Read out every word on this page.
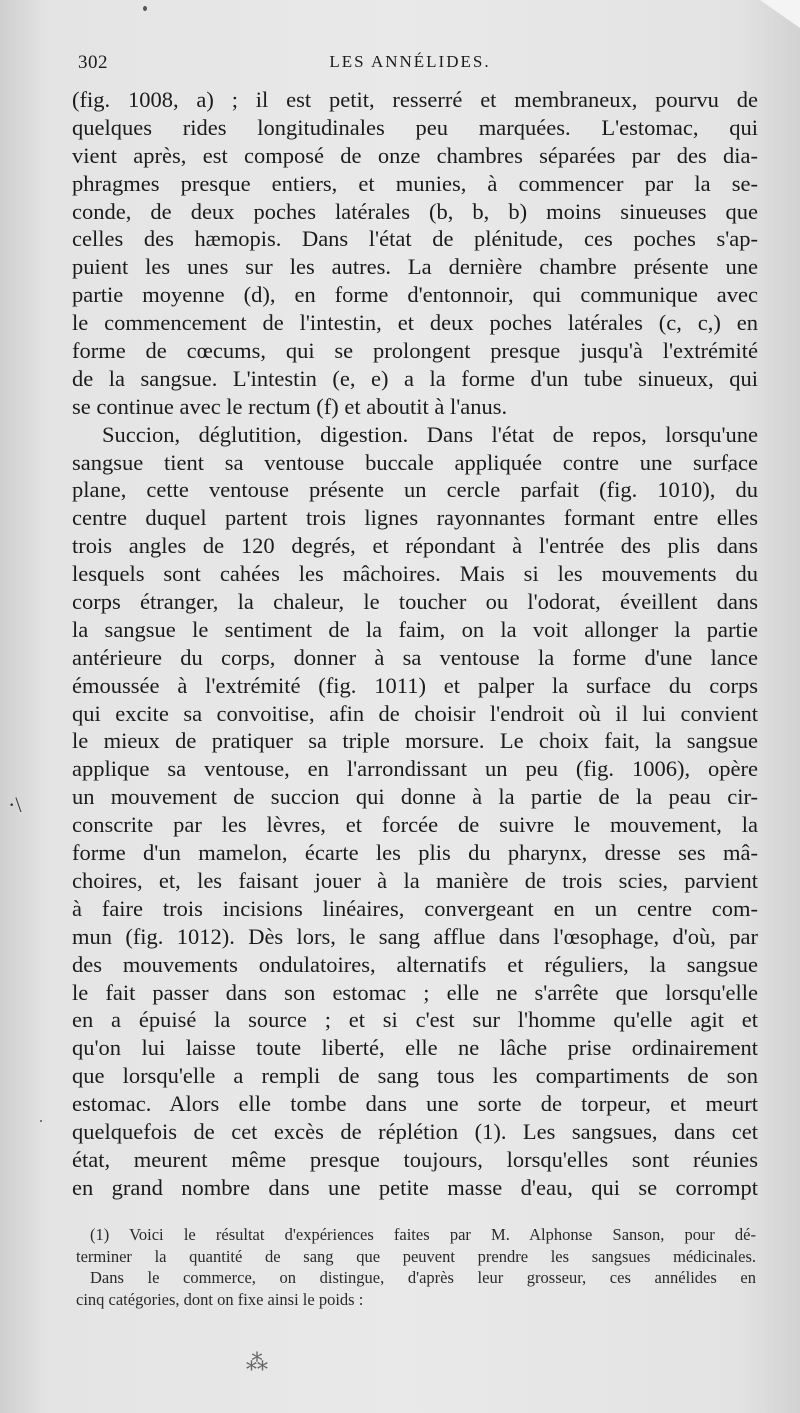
302	LES ANNÉLIDES.
·\
(fig. 1008, a) ; il est petit, resserré et membraneux, pourvu de
quelques rides longitudinales peu marquées. L'estomac, qui
vient après, est composé de onze chambres séparées par des dia-
phragmes presque entiers, et munies, à commencer par la se-
conde, de deux poches latérales (b, b, b) moins sinueuses que
celles des hæmopis. Dans l'état de plénitude, ces poches s'ap-
puient les unes sur les autres. La dernière chambre présente une
partie moyenne (d), en forme d'entonnoir, qui communique avec
le commencement de l'intestin, et deux poches latérales (c, c,) en
forme de cœcums, qui se prolongent presque jusqu'à l'extrémité
de la sangsue. L'intestin (e, e) a la forme d'un tube sinueux, qui
se continue avec le rectum (f) et aboutit à l'anus.
Succion, déglutition, digestion. Dans l'état de repos, lorsqu'une
sangsue tient sa ventouse buccale appliquée contre une surface
plane, cette ventouse présente un cercle parfait (fig. 1010), du
centre duquel partent trois lignes rayonnantes formant entre elles
trois angles de 120 degrés, et répondant à l'entrée des plis dans
lesquels sont cahées les mâchoires. Mais si les mouvements du
corps étranger, la chaleur, le toucher ou l'odorat, éveillent dans
la sangsue le sentiment de la faim, on la voit allonger la partie
antérieure du corps, donner à sa ventouse la forme d'une lance
émoussée à l'extrémité (fig. 1011) et palper la surface du corps
qui excite sa convoitise, afin de choisir l'endroit où il lui convient
le mieux de pratiquer sa triple morsure. Le choix fait, la sangsue
applique sa ventouse, en l'arrondissant un peu (fig. 1006), opère
un mouvement de succion qui donne à la partie de la peau cir-
conscrite par les lèvres, et forcée de suivre le mouvement, la
forme d'un mamelon, écarte les plis du pharynx, dresse ses mâ-
choires, et, les faisant jouer à la manière de trois scies, parvient
à faire trois incisions linéaires, convergeant en un centre com-
mun (fig. 1012). Dès lors, le sang afflue dans l'œsophage, d'où, par
des mouvements ondulatoires, alternatifs et réguliers, la sangsue
le fait passer dans son estomac ; elle ne s'arrête que lorsqu'elle
en a épuisé la source ; et si c'est sur l'homme qu'elle agit et
qu'on lui laisse toute liberté, elle ne lâche prise ordinairement
que lorsqu'elle a rempli de sang tous les compartiments de son
estomac. Alors elle tombe dans une sorte de torpeur, et meurt
quelquefois de cet excès de réplétion (1). Les sangsues, dans cet
état, meurent même presque toujours, lorsqu'elles sont réunies
en grand nombre dans une petite masse d'eau, qui se corrompt
(1) Voici le résultat d'expériences faites par M. Alphonse Sanson, pour dé-
terminer la quantité de sang que peuvent prendre les sangsues médicinales.
Dans le commerce, on distingue, d'après leur grosseur, ces annélides en
cinq catégories, dont on fixe ainsi le poids :
⁂
